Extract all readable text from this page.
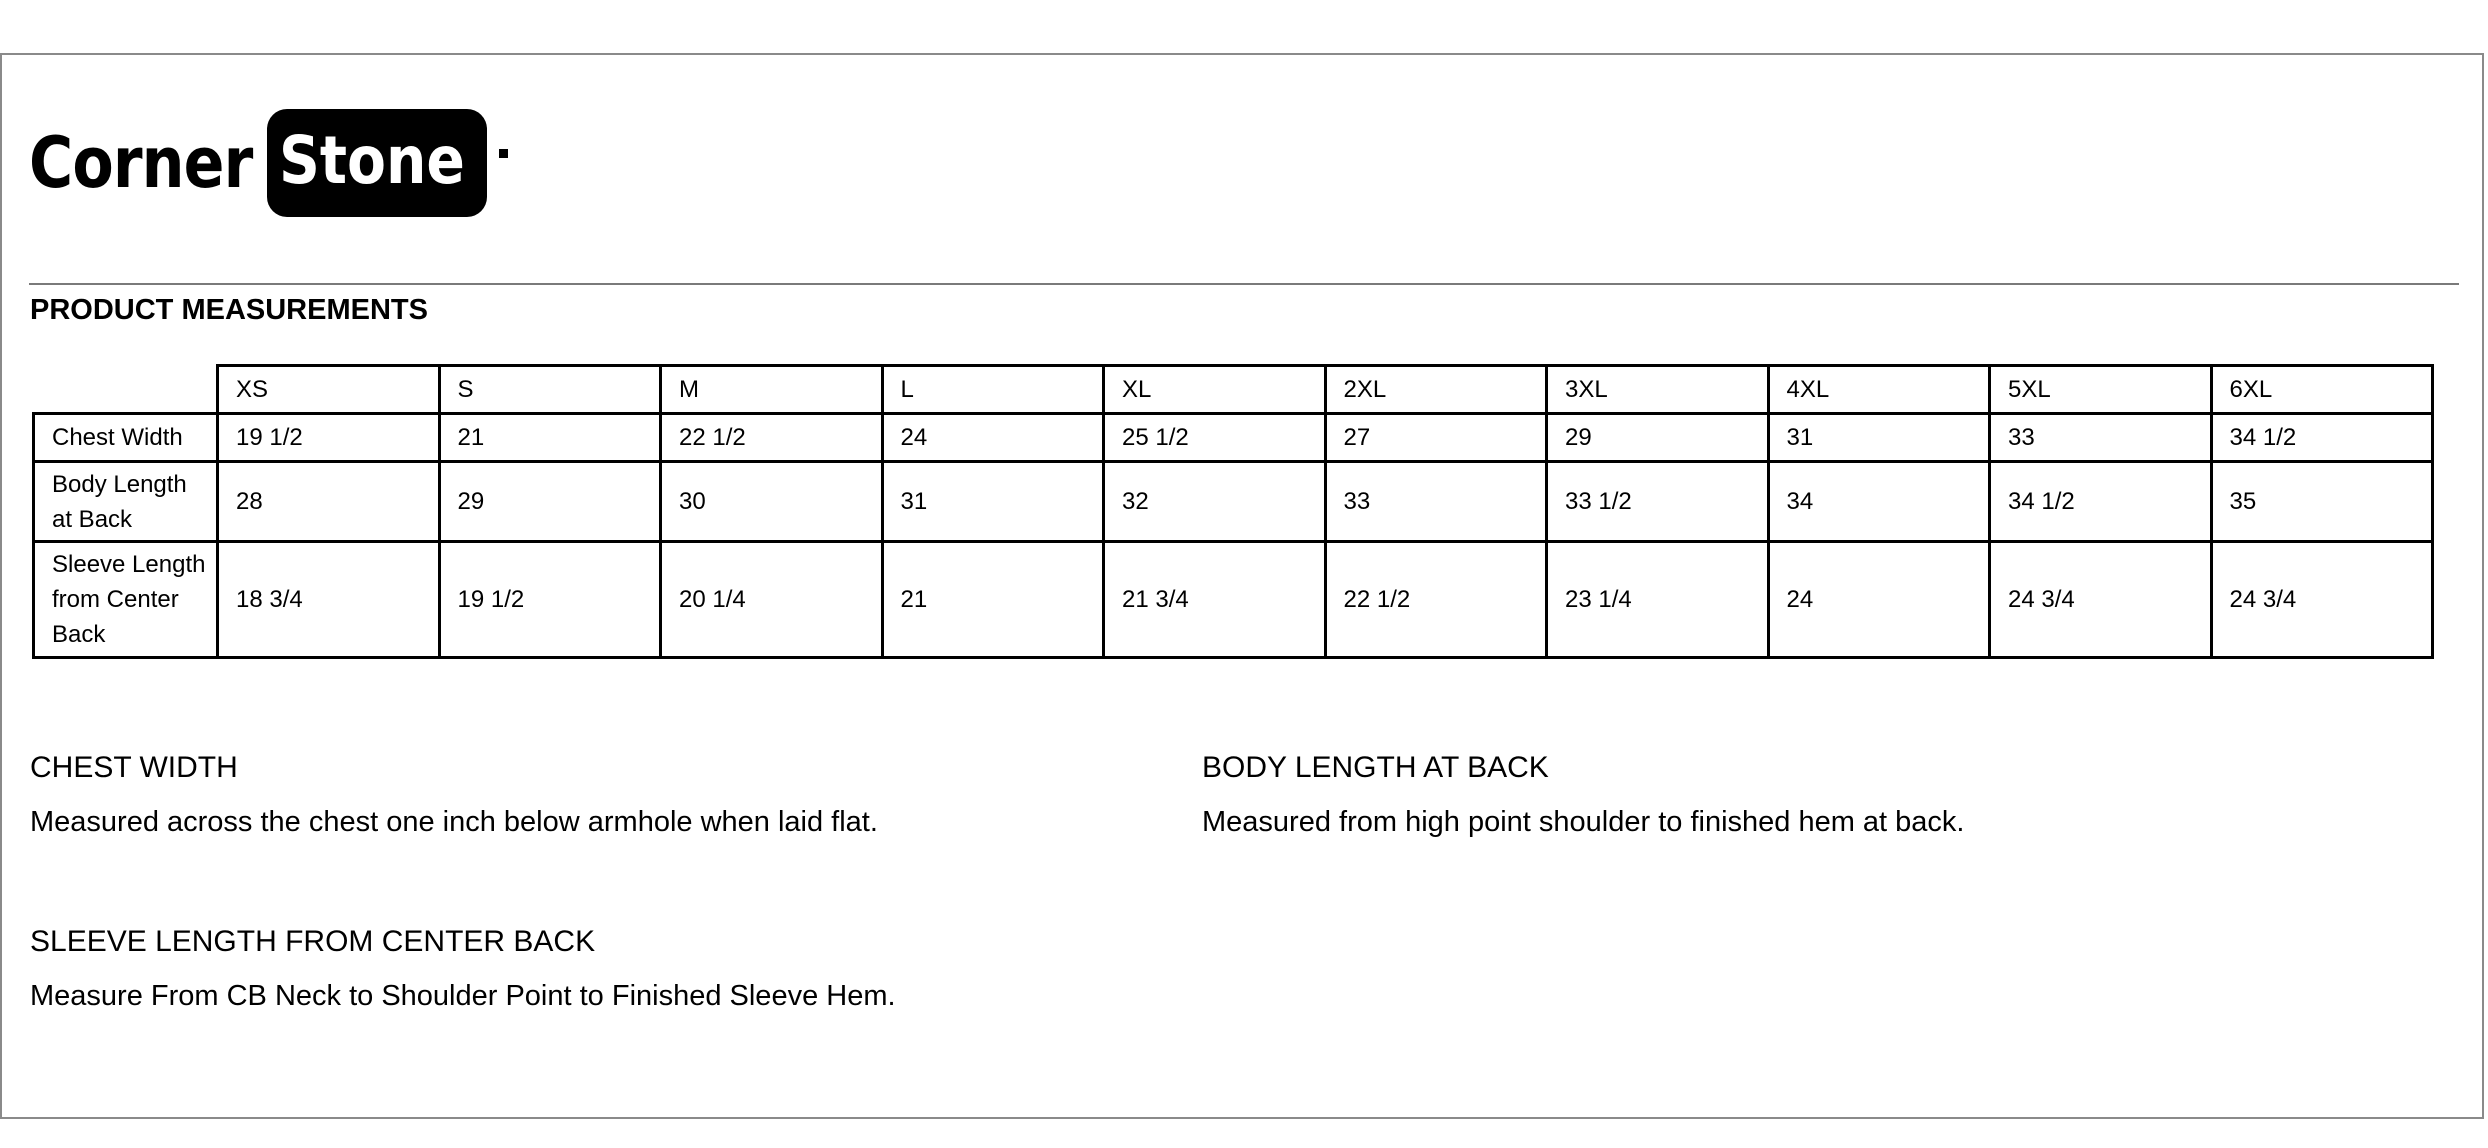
Corner Stone
PRODUCT MEASUREMENTS
	XS	S	M	L	XL	2XL	3XL	4XL	5XL	6XL
Chest Width	19 1/2	21	22 1/2	24	25 1/2	27	29	31	33	34 1/2
Body Length at Back	28	29	30	31	32	33	33 1/2	34	34 1/2	35
Sleeve Length from Center Back	18 3/4	19 1/2	20 1/4	21	21 3/4	22 1/2	23 1/4	24	24 3/4	24 3/4
CHEST WIDTH
Measured across the chest one inch below armhole when laid flat.
BODY LENGTH AT BACK
Measured from high point shoulder to finished hem at back.
SLEEVE LENGTH FROM CENTER BACK
Measure From CB Neck to Shoulder Point to Finished Sleeve Hem.
